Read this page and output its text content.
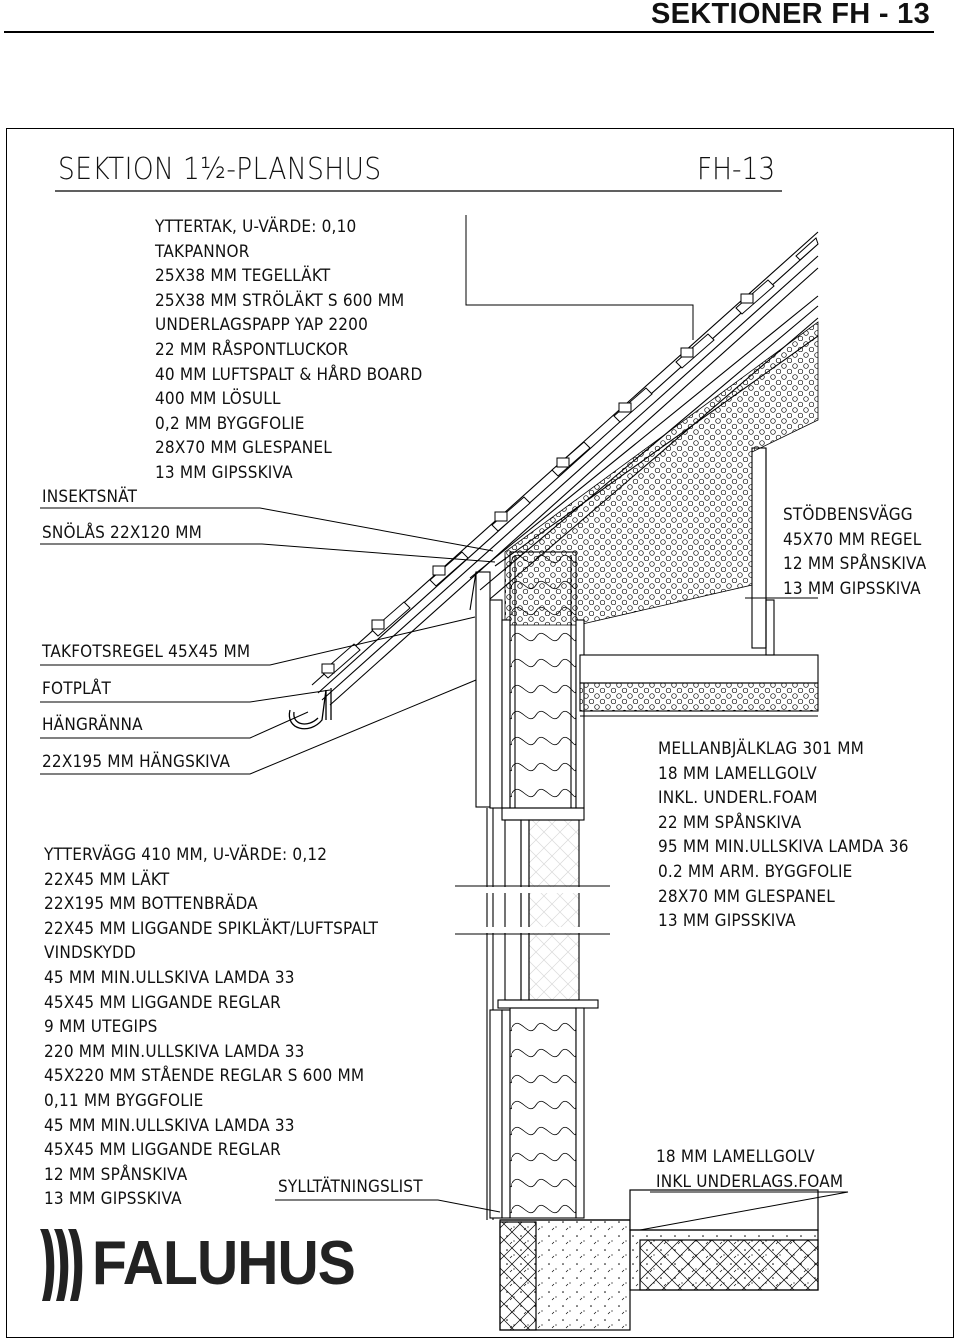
SEKTIONER FH - 13
SEKTION 1½-PLANSHUS	FH-13
YTTERTAK, U-VÄRDE: 0,10
TAKPANNOR
25X38 MM TEGELLÄKT
25X38 MM STRÖLÄKT S 600 MM
UNDERLAGSPAPP YAP 2200
22 MM RÅSPONTLUCKOR
40 MM LUFTSPALT & HÅRD BOARD
400 MM LÖSULL
0,2 MM BYGGFOLIE
28X70 MM GLESPANEL
13 MM GIPSSKIVA
INSEKTSNÄT
SNÖLÅS 22X120 MM
TAKFOTSREGEL 45X45 MM
FOTPLÅT
HÄNGRÄNNA
22X195 MM HÄNGSKIVA
STÖDBENSVÄGG
45X70 MM REGEL
12 MM SPÅNSKIVA
13 MM GIPSSKIVA
MELLANBJÄLKLAG 301 MM
18 MM LAMELLGOLV
INKL. UNDERL.FOAM
22 MM SPÅNSKIVA
95 MM MIN.ULLSKIVA LAMDA 36
0.2 MM ARM. BYGGFOLIE
28X70 MM GLESPANEL
13 MM GIPSSKIVA
YTTERVÄGG 410 MM, U-VÄRDE: 0,12
22X45 MM LÄKT
22X195 MM BOTTENBRÄDA
22X45 MM LIGGANDE SPIKLÄKT/LUFTSPALT
VINDSKYDD
45 MM MIN.ULLSKIVA LAMDA 33
45X45 MM LIGGANDE REGLAR
9 MM UTEGIPS
220 MM MIN.ULLSKIVA LAMDA 33
45X220 MM STÅENDE REGLAR S 600 MM
0,11 MM BYGGFOLIE
45 MM MIN.ULLSKIVA LAMDA 33
45X45 MM LIGGANDE REGLAR
12 MM SPÅNSKIVA
13 MM GIPSSKIVA
18 MM LAMELLGOLV
INKL UNDERLAGS.FOAM
SYLLTÄTNINGSLIST
FALUHUS
